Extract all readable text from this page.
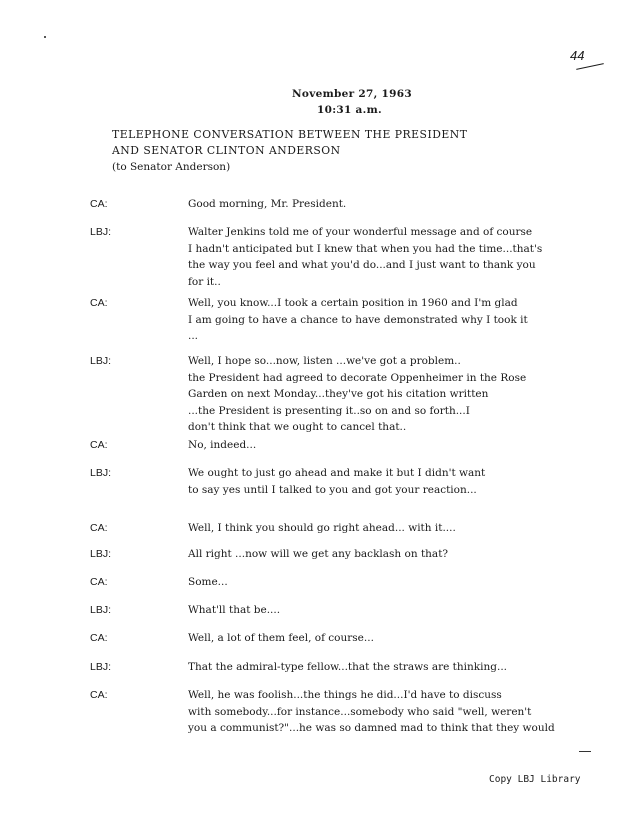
44
November 27, 1963
10:31 a.m.
TELEPHONE CONVERSATION BETWEEN THE PRESIDENT
AND SENATOR CLINTON ANDERSON
(to Senator Anderson)
CA:	Good morning, Mr. President.
LBJ:	Walter Jenkins told me of your wonderful message and of course
I hadn't anticipated but I knew that when you had the time...that's
the way you feel and what you'd do...and I just want to thank you
for it..
CA:	Well, you know...I took a certain position in 1960 and I'm glad
I am going to have a chance to have demonstrated why I took it
...
LBJ:	Well, I hope so...now, listen ...we've got a problem..
the President had agreed to decorate Oppenheimer in the Rose
Garden on next Monday...they've got his citation written
...the President is presenting it..so on and so forth...I
don't think that we ought to cancel that..
CA:	No, indeed...
LBJ:	We ought to just go ahead and make it but I didn't want
to say yes until I talked to you and got your reaction...
CA:	Well, I think you should go right ahead... with it....
LBJ:	All right ...now will we get any backlash on that?
CA:	Some...
LBJ:	What'll that be....
CA:	Well, a lot of them feel, of course...
LBJ:	That the admiral-type fellow...that the straws are thinking...
CA:	Well, he was foolish...the things he did...I'd have to discuss
with somebody...for instance...somebody who said "well, weren't
you a communist?"...he was so damned mad to think that they would
Copy LBJ Library
